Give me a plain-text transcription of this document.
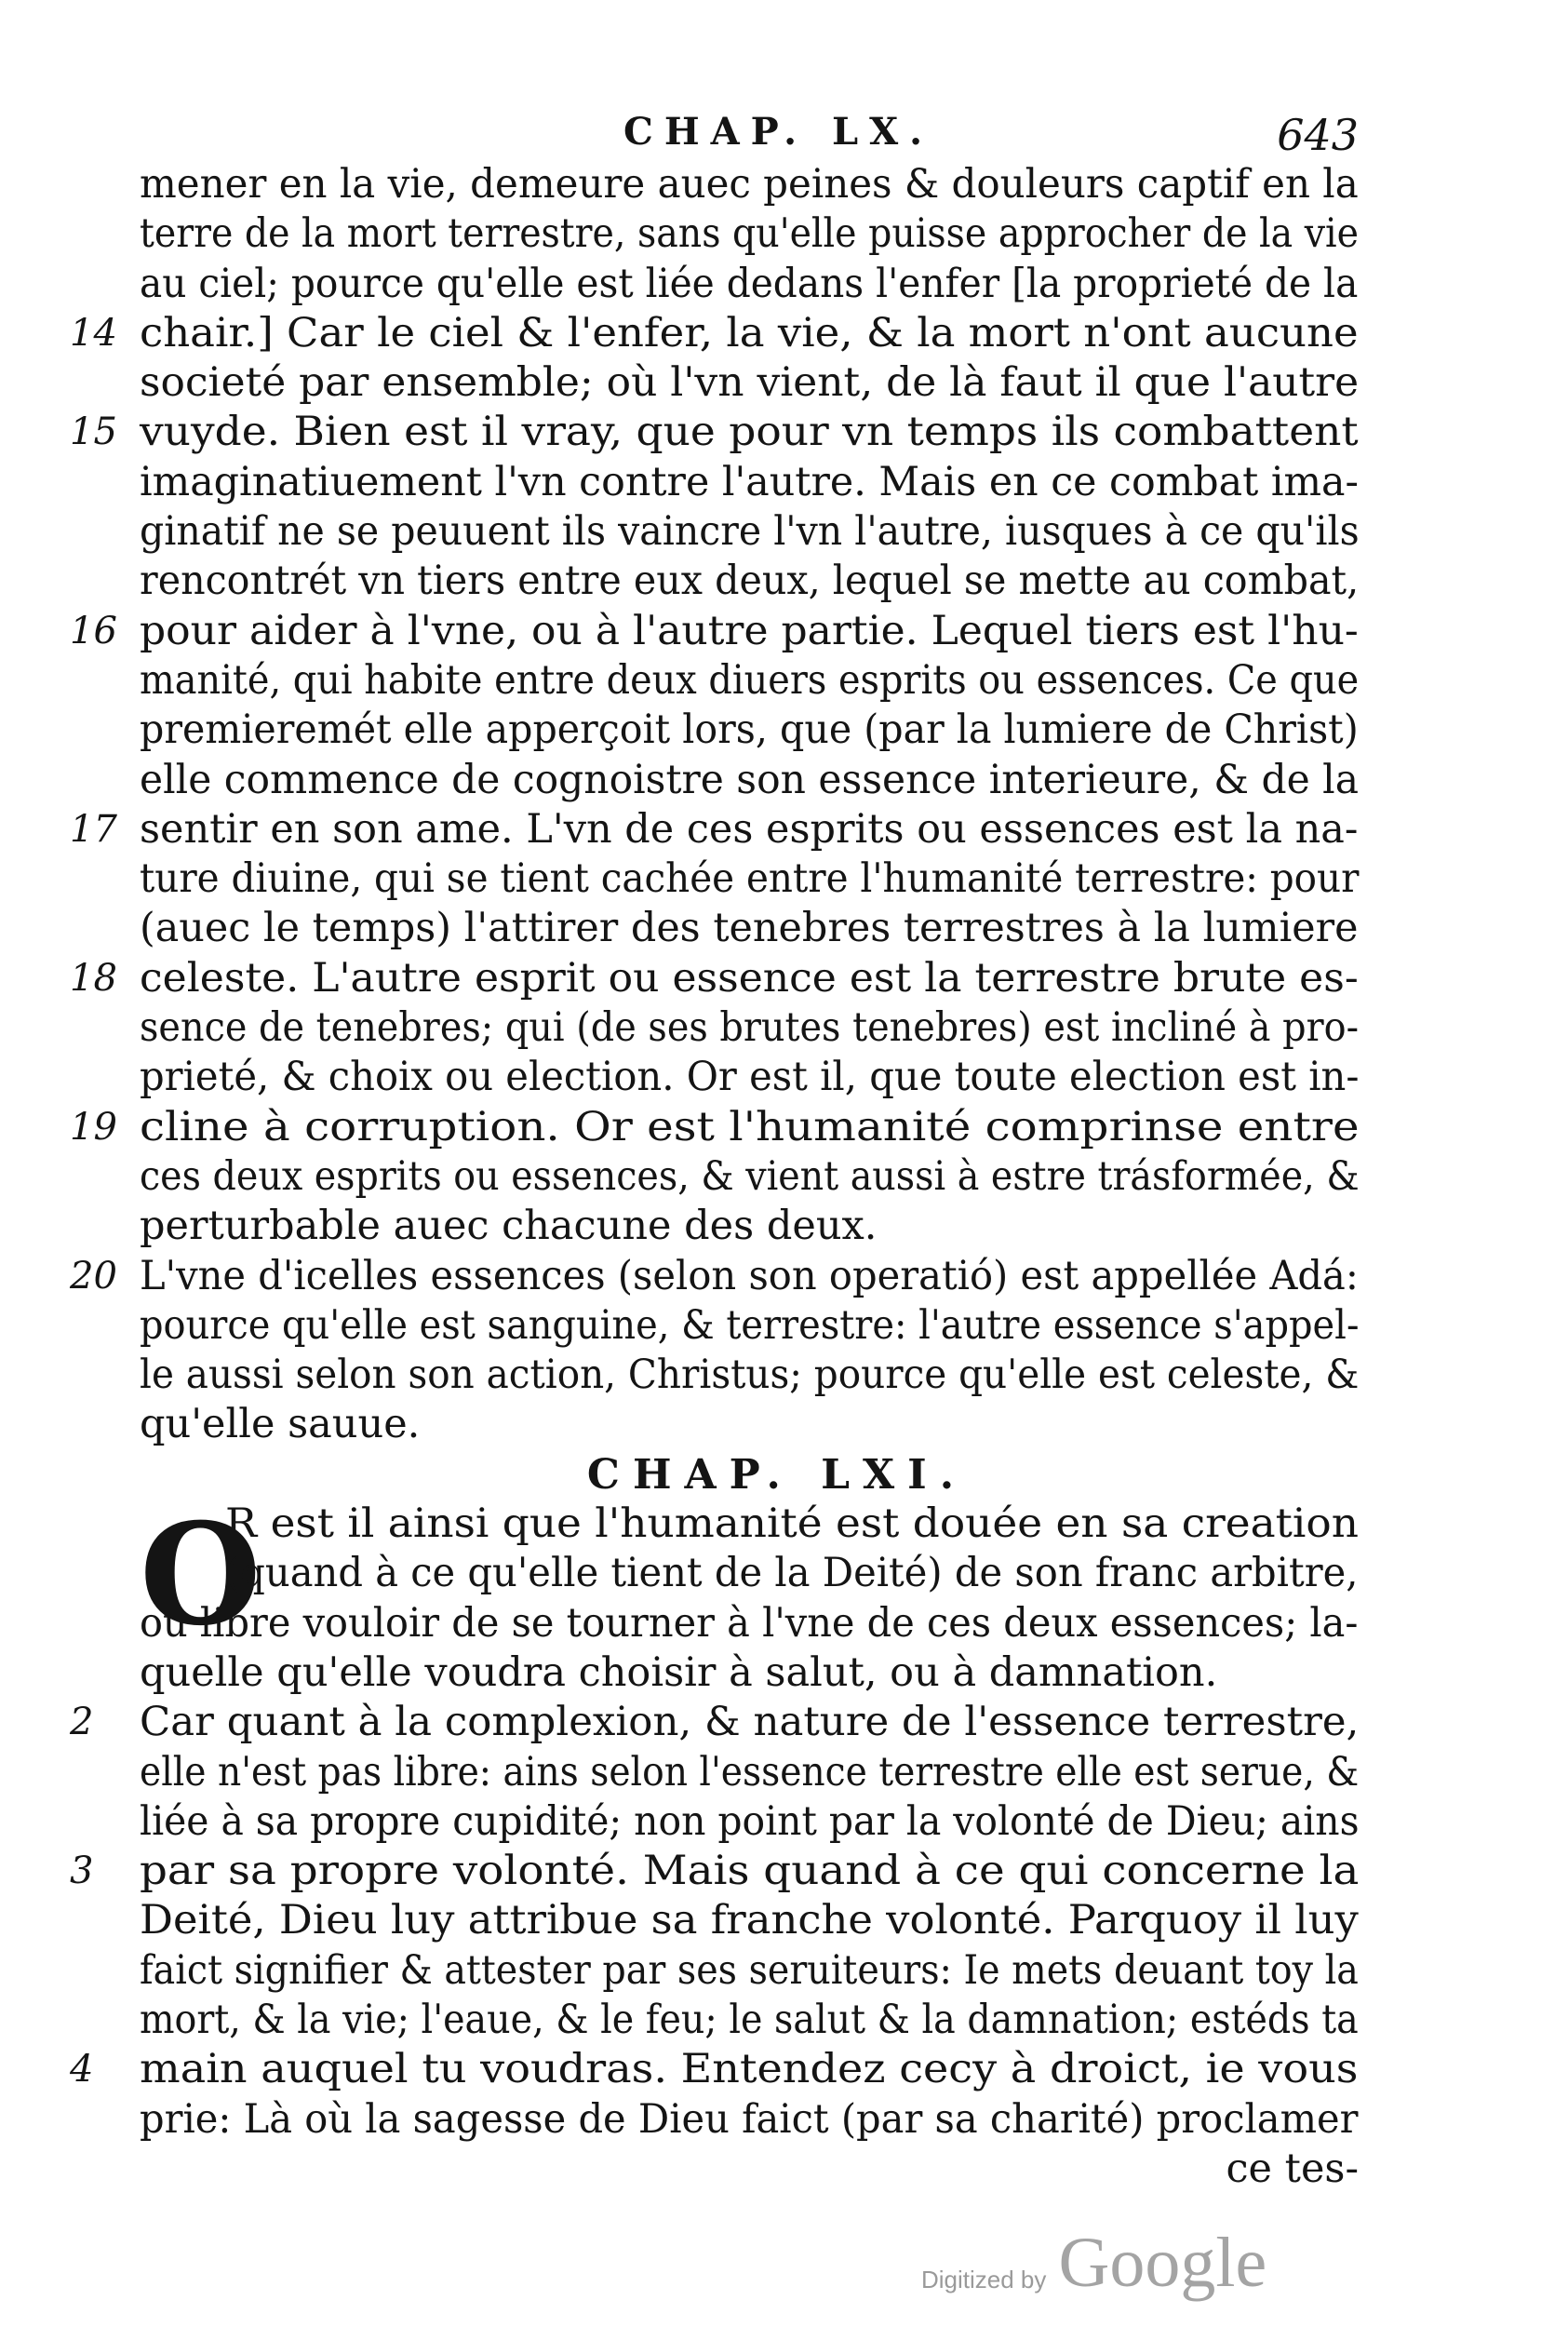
CHAP. LX.	643
mener en la vie, demeure auec peines & douleurs captif en la
terre de la mort terrestre, sans qu'elle puisse approcher de la vie
au ciel; pource qu'elle est liée dedans l'enfer [la proprieté de la
14 chair.] Car le ciel & l'enfer, la vie, & la mort n'ont aucune
societé par ensemble; où l'vn vient, de là faut il que l'autre
15 vuyde. Bien est il vray, que pour vn temps ils combattent
imaginatiuement l'vn contre l'autre. Mais en ce combat ima-
ginatif ne se peuuent ils vaincre l'vn l'autre, iusques à ce qu'ils
rencontrét vn tiers entre eux deux, lequel se mette au combat,
16 pour aider à l'vne, ou à l'autre partie. Lequel tiers est l'hu-
manité, qui habite entre deux diuers esprits ou essences. Ce que
premieremét elle apperçoit lors, que (par la lumiere de Christ)
elle commence de cognoistre son essence interieure, & de la
17 sentir en son ame. L'vn de ces esprits ou essences est la na-
ture diuine, qui se tient cachée entre l'humanité terrestre: pour
(auec le temps) l'attirer des tenebres terrestres à la lumiere
18 celeste. L'autre esprit ou essence est la terrestre brute es-
sence de tenebres; qui (de ses brutes tenebres) est incliné à pro-
prieté, & choix ou election. Or est il, que toute election est in-
19 cline à corruption. Or est l'humanité comprinse entre
ces deux esprits ou essences, & vient aussi à estre trásformée, &
perturbable auec chacune des deux.
20 L'vne d'icelles essences (selon son operatió) est appellée Adá:
pource qu'elle est sanguine, & terrestre: l'autre essence s'appel-
le aussi selon son action, Christus; pource qu'elle est celeste, &
qu'elle sauue.
CHAP. LXI.
R est il ainsi que l'humanité est douée en sa creation
O
(quand à ce qu'elle tient de la Deité) de son franc arbitre,
ou libre vouloir de se tourner à l'vne de ces deux essences; la-
quelle qu'elle voudra choisir à salut, ou à damnation.
2 Car quant à la complexion, & nature de l'essence terrestre,
elle n'est pas libre: ains selon l'essence terrestre elle est serue, &
liée à sa propre cupidité; non point par la volonté de Dieu; ains
3 par sa propre volonté. Mais quand à ce qui concerne la
Deité, Dieu luy attribue sa franche volonté. Parquoy il luy
faict signifier & attester par ses seruiteurs: Ie mets deuant toy la
mort, & la vie; l'eaue, & le feu; le salut & la damnation; estéds ta
4 main auquel tu voudras. Entendez cecy à droict, ie vous
prie: Là où la sagesse de Dieu faict (par sa charité) proclamer
ce tes-
Digitized by Google
